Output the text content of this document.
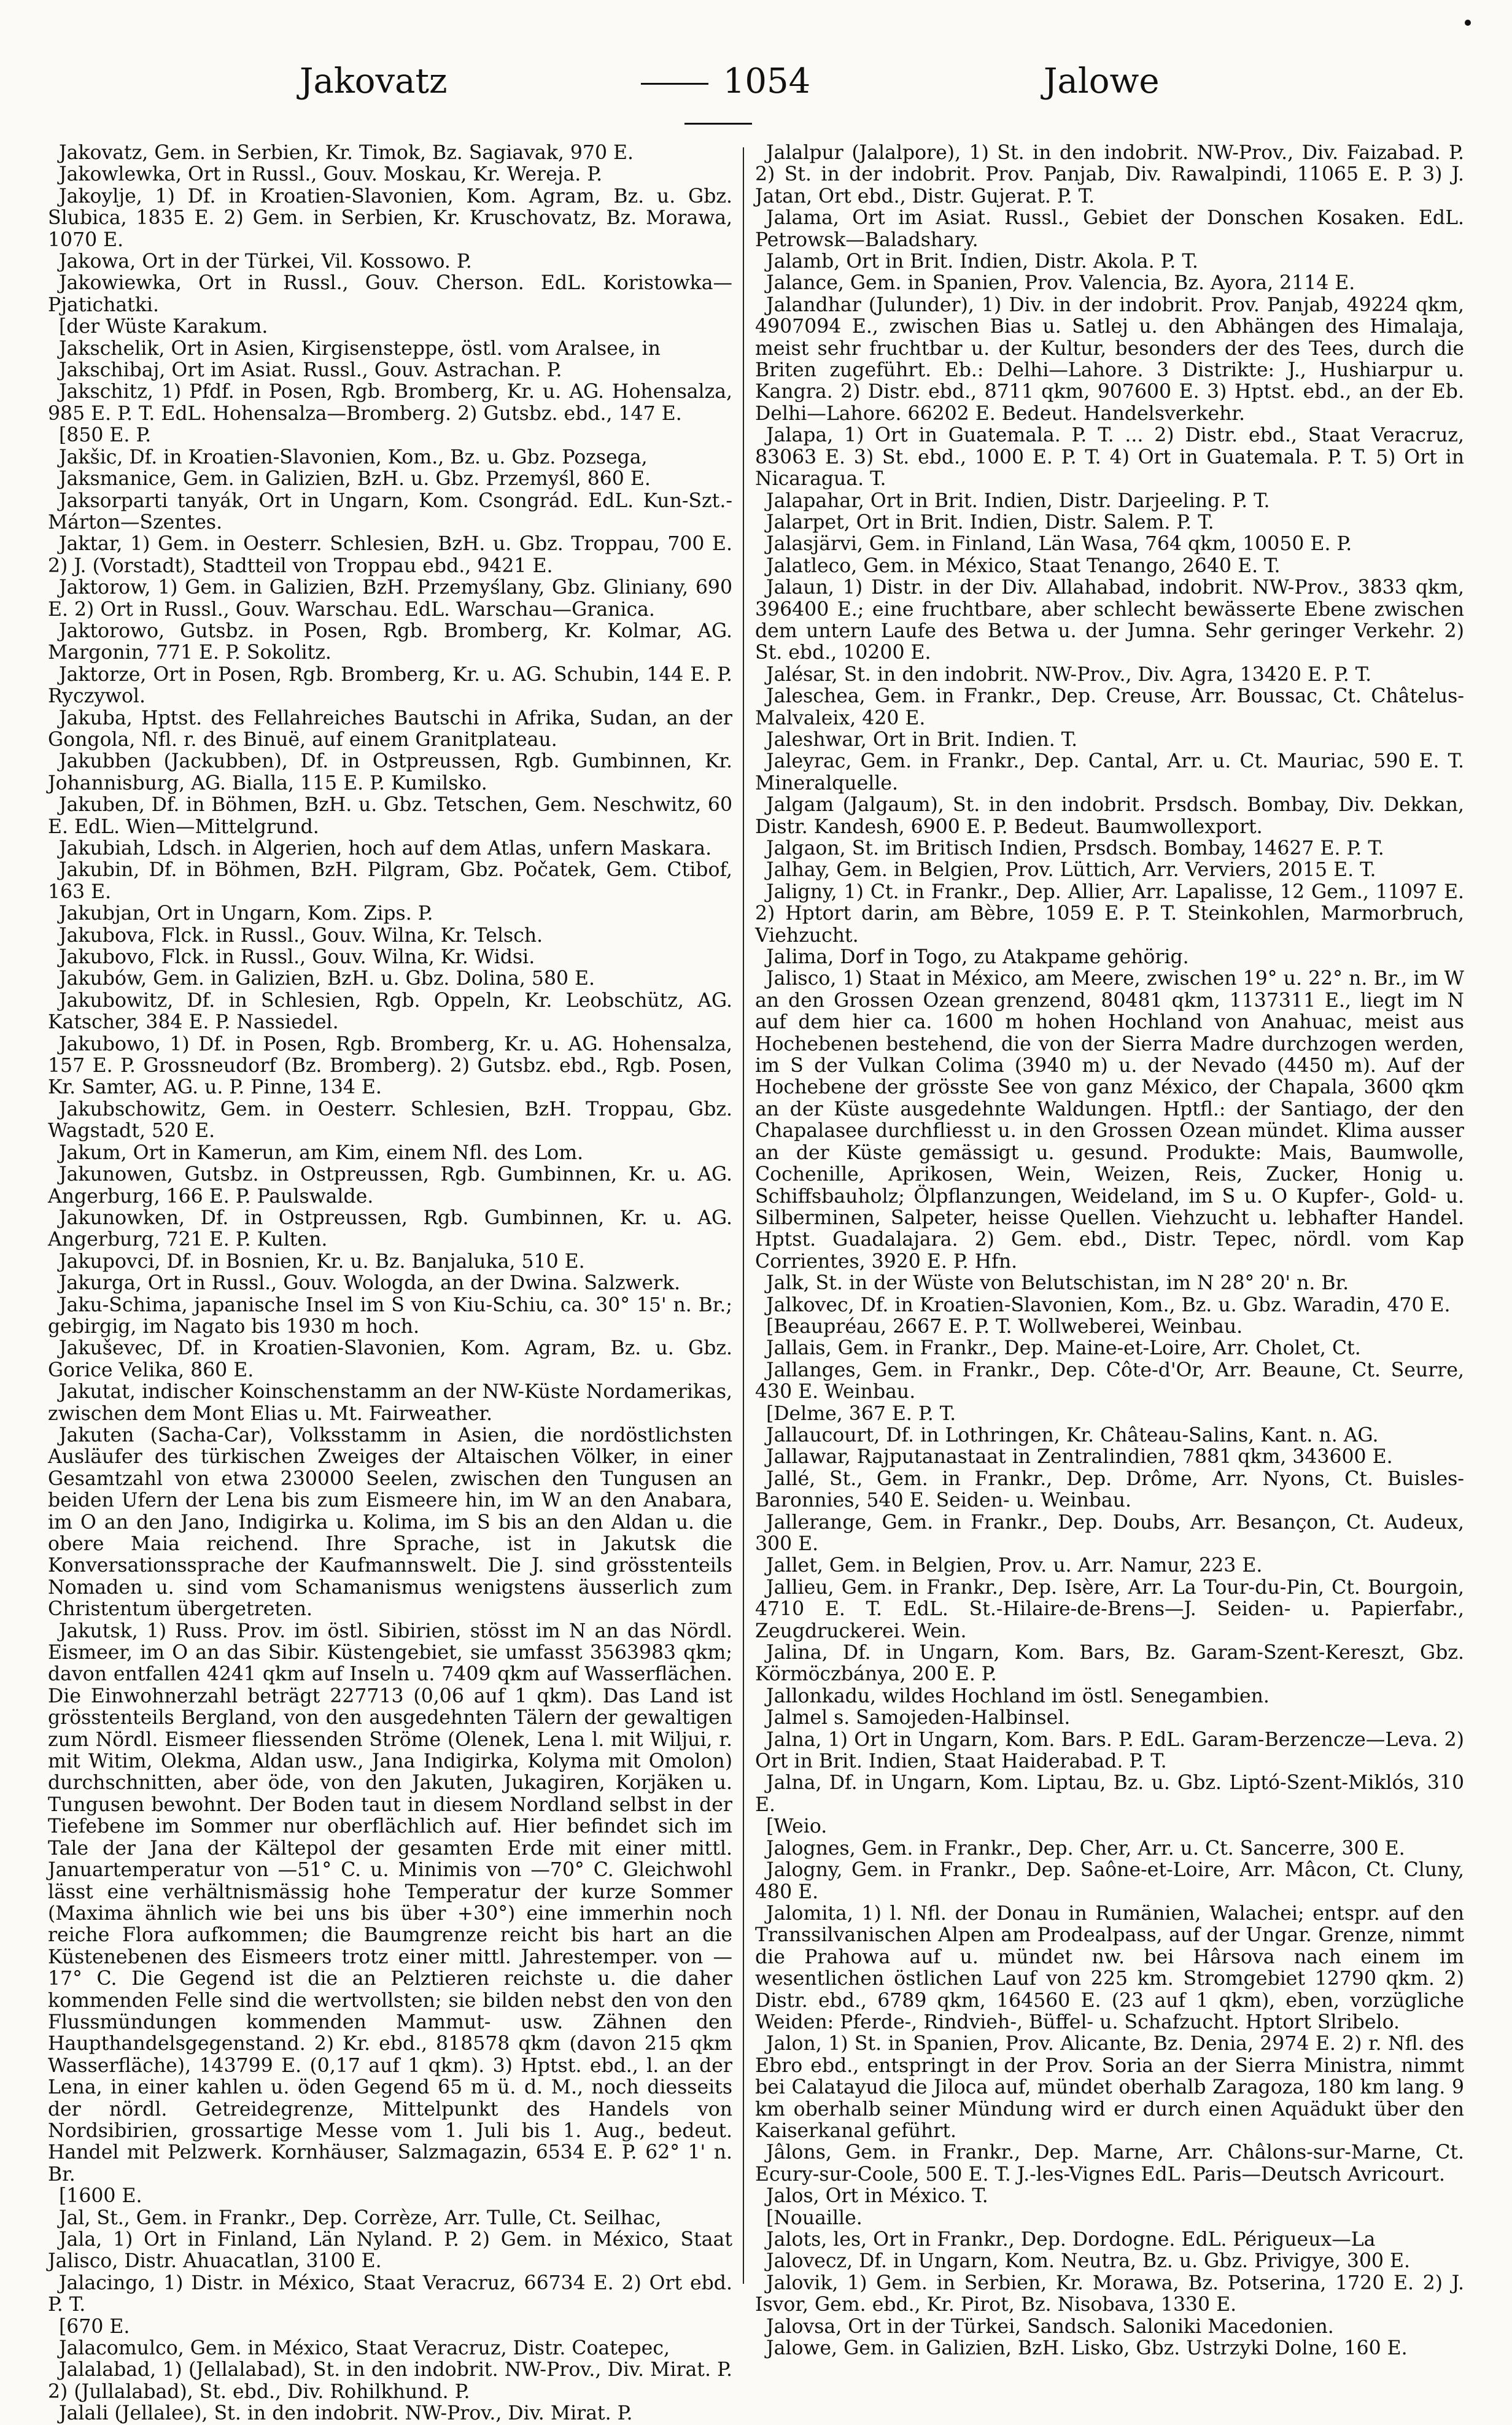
Jakovatz	1054	Jalowe

Jakovatz, Gem. in Serbien, Kr. Timok, Bz. Sagiavak, 970 E.

Jakowlewka, Ort in Russl., Gouv. Moskau, Kr. Wereja. P.

Jakoylje, 1) Df. in Kroatien-Slavonien, Kom. Agram, Bz. u. Gbz. Slubica, 1835 E. 2) Gem. in Serbien, Kr. Kruschovatz, Bz. Morawa, 1070 E.

Jakowa, Ort in der Türkei, Vil. Kossowo. P.

Jakowiewka, Ort in Russl., Gouv. Cherson. EdL. Koristowka—Pjatichatki.

[der Wüste Karakum.

Jakschelik, Ort in Asien, Kirgisensteppe, östl. vom Aralsee, in

Jakschibaj, Ort im Asiat. Russl., Gouv. Astrachan. P.

Jakschitz, 1) Pfdf. in Posen, Rgb. Bromberg, Kr. u. AG. Hohensalza, 985 E. P. T. EdL. Hohensalza—Bromberg. 2) Gutsbz. ebd., 147 E.

[850 E. P.

Jakšic, Df. in Kroatien-Slavonien, Kom., Bz. u. Gbz. Pozsega,

Jaksmanice, Gem. in Galizien, BzH. u. Gbz. Przemyśl, 860 E.

Jaksorparti tanyák, Ort in Ungarn, Kom. Csongrád. EdL. Kun-Szt.-Márton—Szentes.

Jaktar, 1) Gem. in Oesterr. Schlesien, BzH. u. Gbz. Troppau, 700 E. 2) J. (Vorstadt), Stadtteil von Troppau ebd., 9421 E.

Jaktorow, 1) Gem. in Galizien, BzH. Przemyślany, Gbz. Gliniany, 690 E. 2) Ort in Russl., Gouv. Warschau. EdL. Warschau—Granica.

Jaktorowo, Gutsbz. in Posen, Rgb. Bromberg, Kr. Kolmar, AG. Margonin, 771 E. P. Sokolitz.

Jaktorze, Ort in Posen, Rgb. Bromberg, Kr. u. AG. Schubin, 144 E. P. Ryczywol.

Jakuba, Hptst. des Fellahreiches Bautschi in Afrika, Sudan, an der Gongola, Nfl. r. des Binuë, auf einem Granitplateau.

Jakubben (Jackubben), Df. in Ostpreussen, Rgb. Gumbinnen, Kr. Johannisburg, AG. Bialla, 115 E. P. Kumilsko.

Jakuben, Df. in Böhmen, BzH. u. Gbz. Tetschen, Gem. Neschwitz, 60 E. EdL. Wien—Mittelgrund.

Jakubiah, Ldsch. in Algerien, hoch auf dem Atlas, unfern Maskara.

Jakubin, Df. in Böhmen, BzH. Pilgram, Gbz. Počatek, Gem. Ctibof, 163 E.

Jakubjan, Ort in Ungarn, Kom. Zips. P.

Jakubova, Flck. in Russl., Gouv. Wilna, Kr. Telsch.

Jakubovo, Flck. in Russl., Gouv. Wilna, Kr. Widsi.

Jakubów, Gem. in Galizien, BzH. u. Gbz. Dolina, 580 E.

Jakubowitz, Df. in Schlesien, Rgb. Oppeln, Kr. Leobschütz, AG. Katscher, 384 E. P. Nassiedel.

Jakubowo, 1) Df. in Posen, Rgb. Bromberg, Kr. u. AG. Hohensalza, 157 E. P. Grossneudorf (Bz. Bromberg). 2) Gutsbz. ebd., Rgb. Posen, Kr. Samter, AG. u. P. Pinne, 134 E.

Jakubschowitz, Gem. in Oesterr. Schlesien, BzH. Troppau, Gbz. Wagstadt, 520 E.

Jakum, Ort in Kamerun, am Kim, einem Nfl. des Lom.

Jakunowen, Gutsbz. in Ostpreussen, Rgb. Gumbinnen, Kr. u. AG. Angerburg, 166 E. P. Paulswalde.

Jakunowken, Df. in Ostpreussen, Rgb. Gumbinnen, Kr. u. AG. Angerburg, 721 E. P. Kulten.

Jakupovci, Df. in Bosnien, Kr. u. Bz. Banjaluka, 510 E.

Jakurga, Ort in Russl., Gouv. Wologda, an der Dwina. Salzwerk.

Jaku-Schima, japanische Insel im S von Kiu-Schiu, ca. 30° 15' n. Br.; gebirgig, im Nagato bis 1930 m hoch.

Jakuševec, Df. in Kroatien-Slavonien, Kom. Agram, Bz. u. Gbz. Gorice Velika, 860 E.

Jakutat, indischer Koinschenstamm an der NW-Küste Nordamerikas, zwischen dem Mont Elias u. Mt. Fairweather.

Jakuten (Sacha-Car), Volksstamm in Asien, die nordöstlichsten Ausläufer des türkischen Zweiges der Altaischen Völker, in einer Gesamtzahl von etwa 230000 Seelen, zwischen den Tungusen an beiden Ufern der Lena bis zum Eismeere hin, im W an den Anabara, im O an den Jano, Indigirka u. Kolima, im S bis an den Aldan u. die obere Maia reichend. Ihre Sprache, ist in Jakutsk die Konversationssprache der Kaufmannswelt. Die J. sind grösstenteils Nomaden u. sind vom Schamanismus wenigstens äusserlich zum Christentum übergetreten.

Jakutsk, 1) Russ. Prov. im östl. Sibirien, stösst im N an das Nördl. Eismeer, im O an das Sibir. Küstengebiet, sie umfasst 3563983 qkm; davon entfallen 4241 qkm auf Inseln u. 7409 qkm auf Wasserflächen. Die Einwohnerzahl beträgt 227713 (0,06 auf 1 qkm). Das Land ist grösstenteils Bergland, von den ausgedehnten Tälern der gewaltigen zum Nördl. Eismeer fliessenden Ströme (Olenek, Lena l. mit Wiljui, r. mit Witim, Olekma, Aldan usw., Jana Indigirka, Kolyma mit Omolon) durchschnitten, aber öde, von den Jakuten, Jukagiren, Korjäken u. Tungusen bewohnt. Der Boden taut in diesem Nordland selbst in der Tiefebene im Sommer nur oberflächlich auf. Hier befindet sich im Tale der Jana der Kältepol der gesamten Erde mit einer mittl. Januartemperatur von —51° C. u. Minimis von —70° C. Gleichwohl lässt eine verhältnismässig hohe Temperatur der kurze Sommer (Maxima ähnlich wie bei uns bis über +30°) eine immerhin noch reiche Flora aufkommen; die Baumgrenze reicht bis hart an die Küstenebenen des Eismeers trotz einer mittl. Jahrestemper. von —17° C. Die Gegend ist die an Pelztieren reichste u. die daher kommenden Felle sind die wertvollsten; sie bilden nebst den von den Flussmündungen kommenden Mammut- usw. Zähnen den Haupthandelsgegenstand. 2) Kr. ebd., 818578 qkm (davon 215 qkm Wasserfläche), 143799 E. (0,17 auf 1 qkm). 3) Hptst. ebd., l. an der Lena, in einer kahlen u. öden Gegend 65 m ü. d. M., noch diesseits der nördl. Getreidegrenze, Mittelpunkt des Handels von Nordsibirien, grossartige Messe vom 1. Juli bis 1. Aug., bedeut. Handel mit Pelzwerk. Kornhäuser, Salzmagazin, 6534 E. P. 62° 1' n. Br.

[1600 E.

Jal, St., Gem. in Frankr., Dep. Corrèze, Arr. Tulle, Ct. Seilhac,

Jala, 1) Ort in Finland, Län Nyland. P. 2) Gem. in México, Staat Jalisco, Distr. Ahuacatlan, 3100 E.

Jalacingo, 1) Distr. in México, Staat Veracruz, 66734 E. 2) Ort ebd. P. T.

[670 E.

Jalacomulco, Gem. in México, Staat Veracruz, Distr. Coatepec,

Jalalabad, 1) (Jellalabad), St. in den indobrit. NW-Prov., Div. Mirat. P. 2) (Jullalabad), St. ebd., Div. Rohilkhund. P.

Jalali (Jellalee), St. in den indobrit. NW-Prov., Div. Mirat. P.

Jalalpur (Jalalpore), 1) St. in den indobrit. NW-Prov., Div. Faizabad. P. 2) St. in der indobrit. Prov. Panjab, Div. Rawalpindi, 11065 E. P. 3) J. Jatan, Ort ebd., Distr. Gujerat. P. T.

Jalama, Ort im Asiat. Russl., Gebiet der Donschen Kosaken. EdL. Petrowsk—Baladshary.

Jalamb, Ort in Brit. Indien, Distr. Akola. P. T.

Jalance, Gem. in Spanien, Prov. Valencia, Bz. Ayora, 2114 E.

Jalandhar (Julunder), 1) Div. in der indobrit. Prov. Panjab, 49224 qkm, 4907094 E., zwischen Bias u. Satlej u. den Abhängen des Himalaja, meist sehr fruchtbar u. der Kultur, besonders der des Tees, durch die Briten zugeführt. Eb.: Delhi—Lahore. 3 Distrikte: J., Hushiarpur u. Kangra. 2) Distr. ebd., 8711 qkm, 907600 E. 3) Hptst. ebd., an der Eb. Delhi—Lahore. 66202 E. Bedeut. Handelsverkehr.

Jalapa, 1) Ort in Guatemala. P. T. ... 2) Distr. ebd., Staat Veracruz, 83063 E. 3) St. ebd., 1000 E. P. T. 4) Ort in Guatemala. P. T. 5) Ort in Nicaragua. T.

Jalapahar, Ort in Brit. Indien, Distr. Darjeeling. P. T.

Jalarpet, Ort in Brit. Indien, Distr. Salem. P. T.

Jalasjärvi, Gem. in Finland, Län Wasa, 764 qkm, 10050 E. P.

Jalatleco, Gem. in México, Staat Tenango, 2640 E. T.

Jalaun, 1) Distr. in der Div. Allahabad, indobrit. NW-Prov., 3833 qkm, 396400 E.; eine fruchtbare, aber schlecht bewässerte Ebene zwischen dem untern Laufe des Betwa u. der Jumna. Sehr geringer Verkehr. 2) St. ebd., 10200 E.

Jalésar, St. in den indobrit. NW-Prov., Div. Agra, 13420 E. P. T.

Jaleschea, Gem. in Frankr., Dep. Creuse, Arr. Boussac, Ct. Châtelus-Malvaleix, 420 E.

Jaleshwar, Ort in Brit. Indien. T.

Jaleyrac, Gem. in Frankr., Dep. Cantal, Arr. u. Ct. Mauriac, 590 E. T. Mineralquelle.

Jalgam (Jalgaum), St. in den indobrit. Prsdsch. Bombay, Div. Dekkan, Distr. Kandesh, 6900 E. P. Bedeut. Baumwollexport.

Jalgaon, St. im Britisch Indien, Prsdsch. Bombay, 14627 E. P. T.

Jalhay, Gem. in Belgien, Prov. Lüttich, Arr. Verviers, 2015 E. T.

Jaligny, 1) Ct. in Frankr., Dep. Allier, Arr. Lapalisse, 12 Gem., 11097 E. 2) Hptort darin, am Bèbre, 1059 E. P. T. Steinkohlen, Marmorbruch, Viehzucht.

Jalima, Dorf in Togo, zu Atakpame gehörig.

Jalisco, 1) Staat in México, am Meere, zwischen 19° u. 22° n. Br., im W an den Grossen Ozean grenzend, 80481 qkm, 1137311 E., liegt im N auf dem hier ca. 1600 m hohen Hochland von Anahuac, meist aus Hochebenen bestehend, die von der Sierra Madre durchzogen werden, im S der Vulkan Colima (3940 m) u. der Nevado (4450 m). Auf der Hochebene der grösste See von ganz México, der Chapala, 3600 qkm an der Küste ausgedehnte Waldungen. Hptfl.: der Santiago, der den Chapalasee durchfliesst u. in den Grossen Ozean mündet. Klima ausser an der Küste gemässigt u. gesund. Produkte: Mais, Baumwolle, Cochenille, Aprikosen, Wein, Weizen, Reis, Zucker, Honig u. Schiffsbauholz; Ölpflanzungen, Weideland, im S u. O Kupfer-, Gold- u. Silberminen, Salpeter, heisse Quellen. Viehzucht u. lebhafter Handel. Hptst. Guadalajara. 2) Gem. ebd., Distr. Tepec, nördl. vom Kap Corrientes, 3920 E. P. Hfn.

Jalk, St. in der Wüste von Belutschistan, im N 28° 20' n. Br.

Jalkovec, Df. in Kroatien-Slavonien, Kom., Bz. u. Gbz. Waradin, 470 E.

[Beaupréau, 2667 E. P. T. Wollweberei, Weinbau.

Jallais, Gem. in Frankr., Dep. Maine-et-Loire, Arr. Cholet, Ct.

Jallanges, Gem. in Frankr., Dep. Côte-d'Or, Arr. Beaune, Ct. Seurre, 430 E. Weinbau.

[Delme, 367 E. P. T.

Jallaucourt, Df. in Lothringen, Kr. Château-Salins, Kant. n. AG.

Jallawar, Rajputanastaat in Zentralindien, 7881 qkm, 343600 E.

Jallé, St., Gem. in Frankr., Dep. Drôme, Arr. Nyons, Ct. Buisles-Baronnies, 540 E. Seiden- u. Weinbau.

Jallerange, Gem. in Frankr., Dep. Doubs, Arr. Besançon, Ct. Audeux, 300 E.

Jallet, Gem. in Belgien, Prov. u. Arr. Namur, 223 E.

Jallieu, Gem. in Frankr., Dep. Isère, Arr. La Tour-du-Pin, Ct. Bourgoin, 4710 E. T. EdL. St.-Hilaire-de-Brens—J. Seiden- u. Papierfabr., Zeugdruckerei. Wein.

Jalina, Df. in Ungarn, Kom. Bars, Bz. Garam-Szent-Kereszt, Gbz. Körmöczbánya, 200 E. P.

Jallonkadu, wildes Hochland im östl. Senegambien.

Jalmel s. Samojeden-Halbinsel.

Jalna, 1) Ort in Ungarn, Kom. Bars. P. EdL. Garam-Berzencze—Leva. 2) Ort in Brit. Indien, Staat Haiderabad. P. T.

Jalna, Df. in Ungarn, Kom. Liptau, Bz. u. Gbz. Liptó-Szent-Miklós, 310 E.

[Weio.

Jalognes, Gem. in Frankr., Dep. Cher, Arr. u. Ct. Sancerre, 300 E.

Jalogny, Gem. in Frankr., Dep. Saône-et-Loire, Arr. Mâcon, Ct. Cluny, 480 E.

Jalomita, 1) l. Nfl. der Donau in Rumänien, Walachei; entspr. auf den Transsilvanischen Alpen am Prodealpass, auf der Ungar. Grenze, nimmt die Prahowa auf u. mündet nw. bei Hârsova nach einem im wesentlichen östlichen Lauf von 225 km. Stromgebiet 12790 qkm. 2) Distr. ebd., 6789 qkm, 164560 E. (23 auf 1 qkm), eben, vorzügliche Weiden: Pferde-, Rindvieh-, Büffel- u. Schafzucht. Hptort Slribelo.

Jalon, 1) St. in Spanien, Prov. Alicante, Bz. Denia, 2974 E. 2) r. Nfl. des Ebro ebd., entspringt in der Prov. Soria an der Sierra Ministra, nimmt bei Calatayud die Jiloca auf, mündet oberhalb Zaragoza, 180 km lang. 9 km oberhalb seiner Mündung wird er durch einen Aquädukt über den Kaiserkanal geführt.

Jâlons, Gem. in Frankr., Dep. Marne, Arr. Châlons-sur-Marne, Ct. Ecury-sur-Coole, 500 E. T. J.-les-Vignes EdL. Paris—Deutsch Avricourt.

Jalos, Ort in México. T.

[Nouaille.

Jalots, les, Ort in Frankr., Dep. Dordogne. EdL. Périgueux—La

Jalovecz, Df. in Ungarn, Kom. Neutra, Bz. u. Gbz. Privigye, 300 E.

Jalovik, 1) Gem. in Serbien, Kr. Morawa, Bz. Potserina, 1720 E. 2) J. Isvor, Gem. ebd., Kr. Pirot, Bz. Nisobava, 1330 E.

Jalovsa, Ort in der Türkei, Sandsch. Saloniki Macedonien.

Jalowe, Gem. in Galizien, BzH. Lisko, Gbz. Ustrzyki Dolne, 160 E.
